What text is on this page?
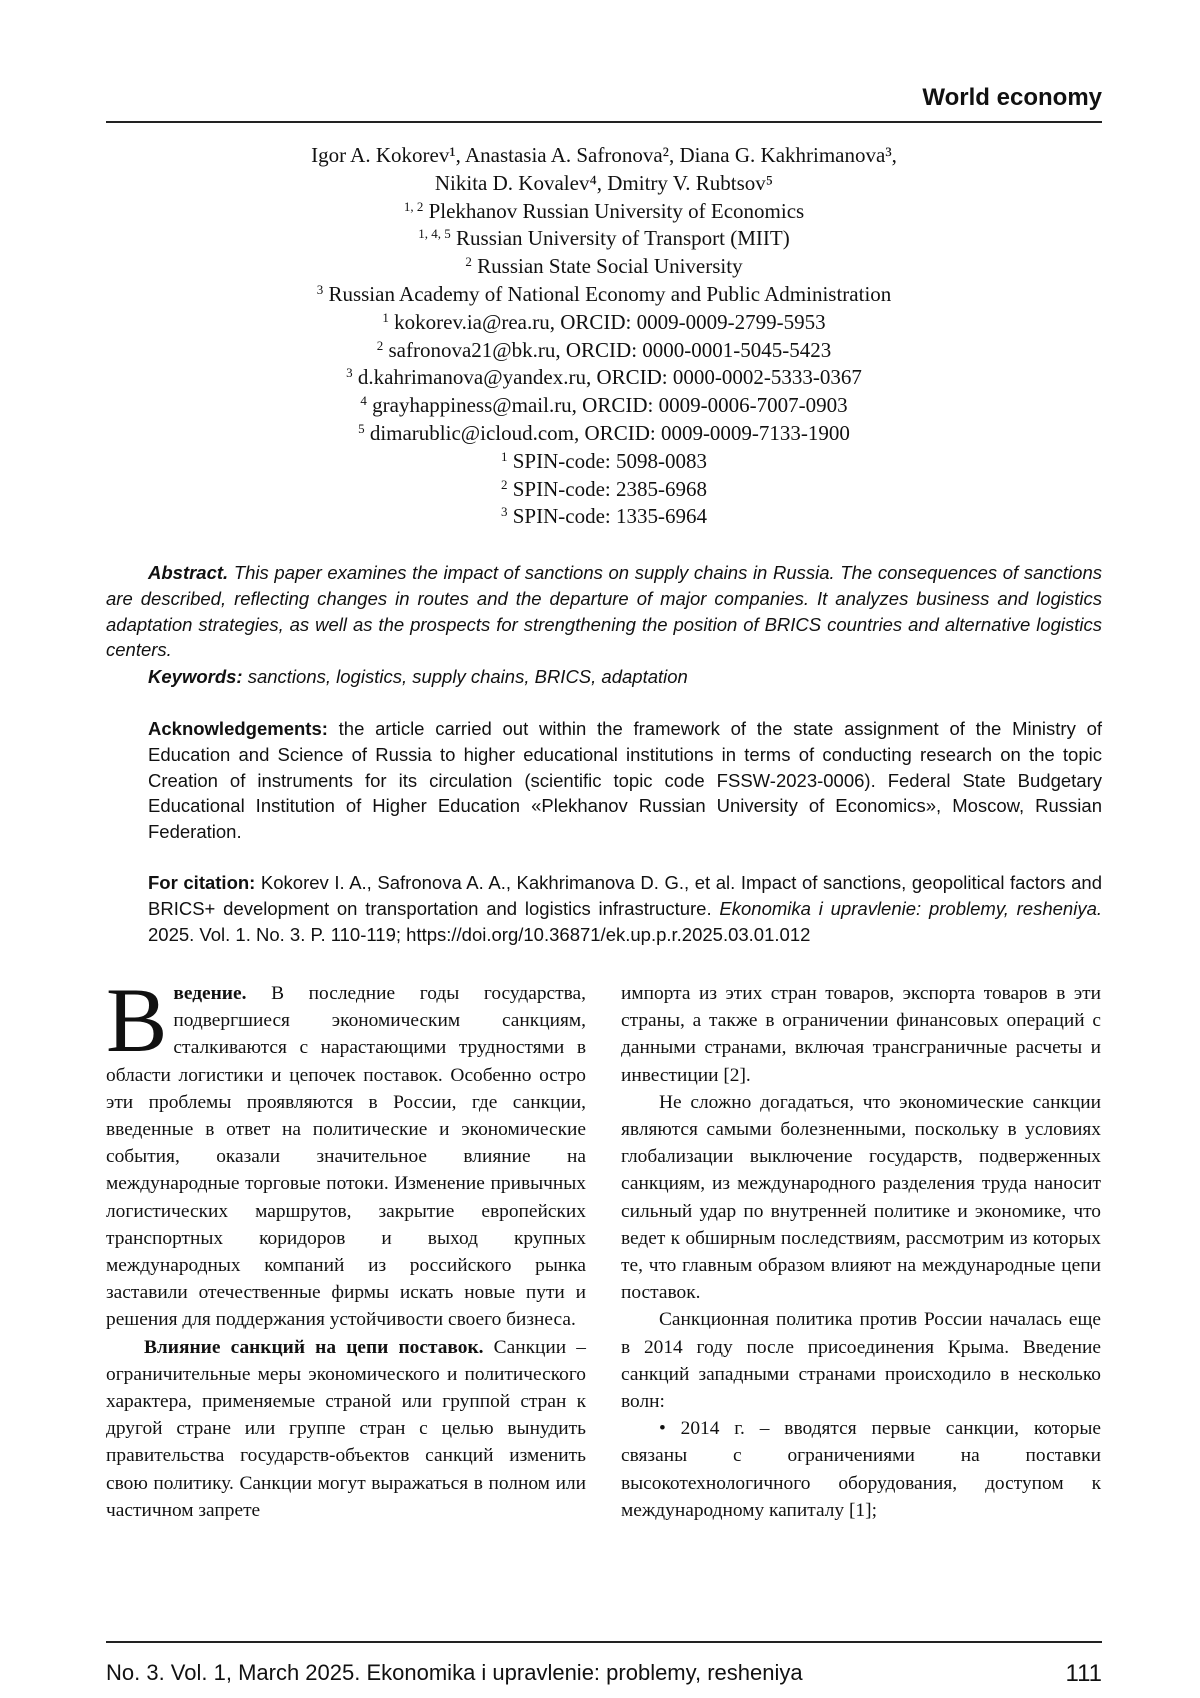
World economy
Igor A. Kokorev¹, Anastasia A. Safronova², Diana G. Kakhrimanova³,
Nikita D. Kovalev⁴, Dmitry V. Rubtsov⁵
$^{1, 2}$ Plekhanov Russian University of Economics
$^{1, 4, 5}$ Russian University of Transport (MIIT)
$^2$ Russian State Social University
$^3$ Russian Academy of National Economy and Public Administration
$^1$ kokorev.ia@rea.ru, ORCID: 0009-0009-2799-5953
$^2$ safronova21@bk.ru, ORCID: 0000-0001-5045-5423
$^3$ d.kahrimanova@yandex.ru, ORCID: 0000-0002-5333-0367
$^4$ grayhappiness@mail.ru, ORCID: 0009-0006-7007-0903
$^5$ dimarublic@icloud.com, ORCID: 0009-0009-7133-1900
$^1$ SPIN-code: 5098-0083
$^2$ SPIN-code: 2385-6968
$^3$ SPIN-code: 1335-6964
Abstract. This paper examines the impact of sanctions on supply chains in Russia. The consequences of sanctions are described, reflecting changes in routes and the departure of major companies. It analyzes business and logistics adaptation strategies, as well as the prospects for strengthening the position of BRICS countries and alternative logistics centers.
Keywords: sanctions, logistics, supply chains, BRICS, adaptation
Acknowledgements: the article carried out within the framework of the state assignment of the Ministry of Education and Science of Russia to higher educational institutions in terms of conducting research on the topic Creation of instruments for its circulation (scientific topic code FSSW-2023-0006). Federal State Budgetary Educational Institution of Higher Education «Plekhanov Russian University of Economics», Moscow, Russian Federation.
For citation: Kokorev I. A., Safronova A. A., Kakhrimanova D. G., et al. Impact of sanctions, geopolitical factors and BRICS+ development on transportation and logistics infrastructure. Ekonomika i upravlenie: problemy, resheniya. 2025. Vol. 1. No. 3. P. 110-119; https://doi.org/10.36871/ek.up.p.r.2025.03.01.012

Введение. В последние годы государства, подвергшиеся экономическим санкциям, сталкиваются с нарастающими трудностями в области логистики и цепочек поставок. Особенно остро эти проблемы проявляются в России, где санкции, введенные в ответ на политические и экономические события, оказали значительное влияние на международные торговые потоки. Изменение привычных логистических маршрутов, закрытие европейских транспортных коридоров и выход крупных международных компаний из российского рынка заставили отечественные фирмы искать новые пути и решения для поддержания устойчивости своего бизнеса.

Влияние санкций на цепи поставок. Санкции – ограничительные меры экономического и политического характера, применяемые страной или группой стран к другой стране или группе стран с целью вынудить правительства государств-объектов санкций изменить свою политику. Санкции могут выражаться в полном или частичном запрете

импорта из этих стран товаров, экспорта товаров в эти страны, а также в ограничении финансовых операций с данными странами, включая трансграничные расчеты и инвестиции [2].

Не сложно догадаться, что экономические санкции являются самыми болезненными, поскольку в условиях глобализации выключение государств, подверженных санкциям, из международного разделения труда наносит сильный удар по внутренней политике и экономике, что ведет к обширным последствиям, рассмотрим из которых те, что главным образом влияют на международные цепи поставок.

Санкционная политика против России началась еще в 2014 году после присоединения Крыма. Введение санкций западными странами происходило в несколько волн:

• 2014 г. – вводятся первые санкции, которые связаны с ограничениями на поставки высокотехнологичного оборудования, доступом к международному капиталу [1];

No. 3. Vol. 1, March 2025. Ekonomika i upravlenie: problemy, resheniya	111
